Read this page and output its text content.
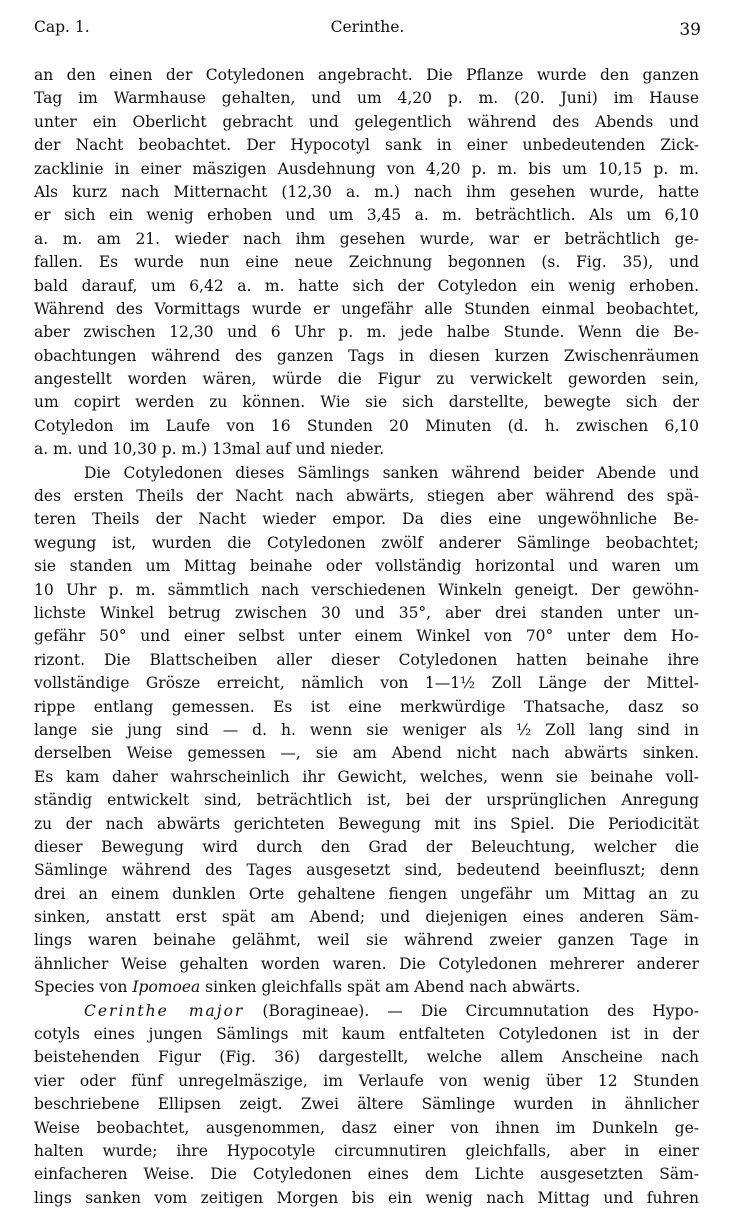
Cap. 1.	Cerinthe.	39
an den einen der Cotyledonen angebracht. Die Pflanze wurde den ganzen
Tag im Warmhause gehalten, und um 4,20 p. m. (20. Juni) im Hause
unter ein Oberlicht gebracht und gelegentlich während des Abends und
der Nacht beobachtet. Der Hypocotyl sank in einer unbedeutenden Zick-
zacklinie in einer mäszigen Ausdehnung von 4,20 p. m. bis um 10,15 p. m.
Als kurz nach Mitternacht (12,30 a. m.) nach ihm gesehen wurde, hatte
er sich ein wenig erhoben und um 3,45 a. m. beträchtlich. Als um 6,10
a. m. am 21. wieder nach ihm gesehen wurde, war er beträchtlich ge-
fallen. Es wurde nun eine neue Zeichnung begonnen (s. Fig. 35), und
bald darauf, um 6,42 a. m. hatte sich der Cotyledon ein wenig erhoben.
Während des Vormittags wurde er ungefähr alle Stunden einmal beobachtet,
aber zwischen 12,30 und 6 Uhr p. m. jede halbe Stunde. Wenn die Be-
obachtungen während des ganzen Tags in diesen kurzen Zwischenräumen
angestellt worden wären, würde die Figur zu verwickelt geworden sein,
um copirt werden zu können. Wie sie sich darstellte, bewegte sich der
Cotyledon im Laufe von 16 Stunden 20 Minuten (d. h. zwischen 6,10
a. m. und 10,30 p. m.) 13mal auf und nieder.
Die Cotyledonen dieses Sämlings sanken während beider Abende und
des ersten Theils der Nacht nach abwärts, stiegen aber während des spä-
teren Theils der Nacht wieder empor. Da dies eine ungewöhnliche Be-
wegung ist, wurden die Cotyledonen zwölf anderer Sämlinge beobachtet;
sie standen um Mittag beinahe oder vollständig horizontal und waren um
10 Uhr p. m. sämmtlich nach verschiedenen Winkeln geneigt. Der gewöhn-
lichste Winkel betrug zwischen 30 und 35°, aber drei standen unter un-
gefähr 50° und einer selbst unter einem Winkel von 70° unter dem Ho-
rizont. Die Blattscheiben aller dieser Cotyledonen hatten beinahe ihre
vollständige Grösze erreicht, nämlich von 1—1½ Zoll Länge der Mittel-
rippe entlang gemessen. Es ist eine merkwürdige Thatsache, dasz so
lange sie jung sind — d. h. wenn sie weniger als ½ Zoll lang sind in
derselben Weise gemessen —, sie am Abend nicht nach abwärts sinken.
Es kam daher wahrscheinlich ihr Gewicht, welches, wenn sie beinahe voll-
ständig entwickelt sind, beträchtlich ist, bei der ursprünglichen Anregung
zu der nach abwärts gerichteten Bewegung mit ins Spiel. Die Periodicität
dieser Bewegung wird durch den Grad der Beleuchtung, welcher die
Sämlinge während des Tages ausgesetzt sind, bedeutend beeinfluszt; denn
drei an einem dunklen Orte gehaltene fiengen ungefähr um Mittag an zu
sinken, anstatt erst spät am Abend; und diejenigen eines anderen Säm-
lings waren beinahe gelähmt, weil sie während zweier ganzen Tage in
ähnlicher Weise gehalten worden waren. Die Cotyledonen mehrerer anderer
Species von Ipomoea sinken gleichfalls spät am Abend nach abwärts.
Cerinthe major (Boragineae). — Die Circumnutation des Hypo-
cotyls eines jungen Sämlings mit kaum entfalteten Cotyledonen ist in der
beistehenden Figur (Fig. 36) dargestellt, welche allem Anscheine nach
vier oder fünf unregelmäszige, im Verlaufe von wenig über 12 Stunden
beschriebene Ellipsen zeigt. Zwei ältere Sämlinge wurden in ähnlicher
Weise beobachtet, ausgenommen, dasz einer von ihnen im Dunkeln ge-
halten wurde; ihre Hypocotyle circumnutiren gleichfalls, aber in einer
einfacheren Weise. Die Cotyledonen eines dem Lichte ausgesetzten Säm-
lings sanken vom zeitigen Morgen bis ein wenig nach Mittag und fuhren
